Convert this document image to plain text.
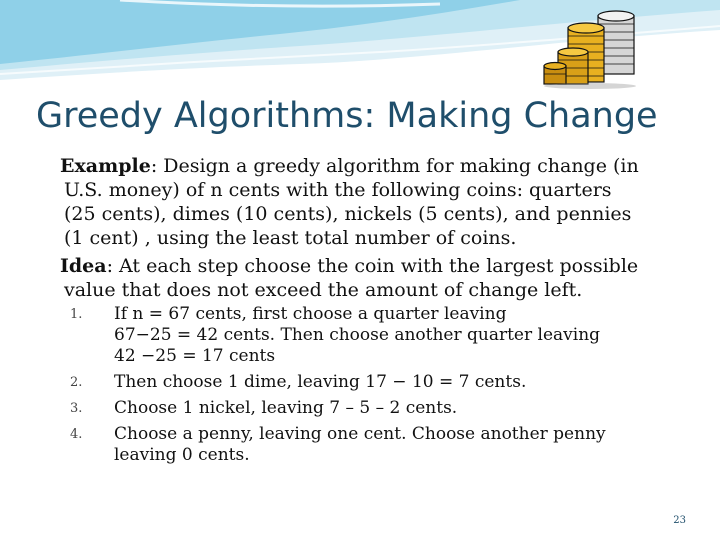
Greedy Algorithms: Making Change
Example: Design a greedy algorithm for making change (in
U.S. money) of n cents with the following coins: quarters
(25 cents), dimes (10 cents), nickels (5 cents), and pennies
(1 cent) , using the least total number of coins.
Idea: At each step choose the coin with the largest possible
value that does not exceed the amount of change left.
1.	If n = 67 cents, first choose a quarter leaving
67−25 = 42 cents. Then choose another quarter leaving
42 −25 = 17 cents
2.	Then choose 1 dime, leaving 17 − 10 = 7 cents.
3.	Choose 1 nickel, leaving 7 – 5 – 2 cents.
4.	Choose a penny, leaving one cent. Choose another penny
leaving 0 cents.
23
